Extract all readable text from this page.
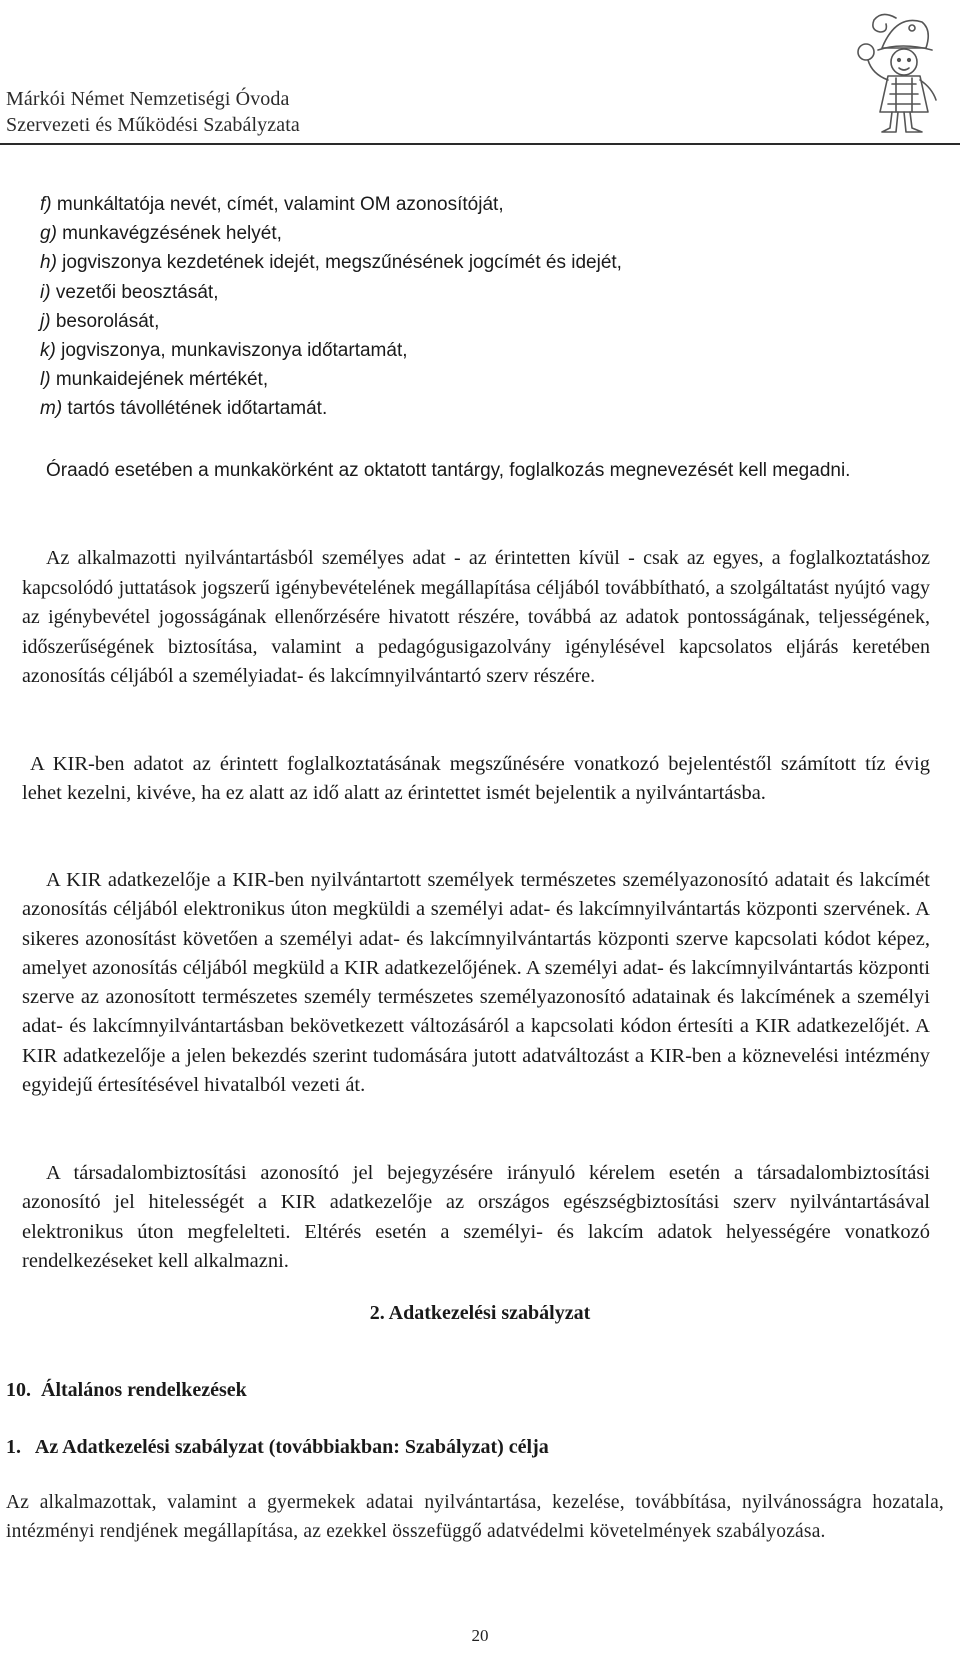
Márkói Német Nemzetiségi Óvoda
Szervezeti és Működési Szabályzata
f) munkáltatója nevét, címét, valamint OM azonosítóját,
g) munkavégzésének helyét,
h) jogviszonya kezdetének idejét, megszűnésének jogcímét és idejét,
i) vezetői beosztását,
j) besorolását,
k) jogviszonya, munkaviszonya időtartamát,
l) munkaidejének mértékét,
m) tartós távollétének időtartamát.

Óraadó esetében a munkakörként az oktatott tantárgy, foglalkozás megnevezését kell megadni.

Az alkalmazotti nyilvántartásból személyes adat - az érintetten kívül - csak az egyes, a foglalkoztatáshoz kapcsolódó juttatások jogszerű igénybevételének megállapítása céljából továbbítható, a szolgáltatást nyújtó vagy az igénybevétel jogosságának ellenőrzésére hivatott részére, továbbá az adatok pontosságának, teljességének, időszerűségének biztosítása, valamint a pedagógusigazolvány igénylésével kapcsolatos eljárás keretében azonosítás céljából a személyiadat- és lakcímnyilvántartó szerv részére.

A KIR-ben adatot az érintett foglalkoztatásának megszűnésére vonatkozó bejelentéstől számított tíz évig lehet kezelni, kivéve, ha ez alatt az idő alatt az érintettet ismét bejelentik a nyilvántartásba.

A KIR adatkezelője a KIR-ben nyilvántartott személyek természetes személyazonosító adatait és lakcímét azonosítás céljából elektronikus úton megküldi a személyi adat- és lakcímnyilvántartás központi szervének. A sikeres azonosítást követően a személyi adat- és lakcímnyilvántartás központi szerve kapcsolati kódot képez, amelyet azonosítás céljából megküld a KIR adatkezelőjének. A személyi adat- és lakcímnyilvántartás központi szerve az azonosított természetes személy természetes személyazonosító adatainak és lakcímének a személyi adat- és lakcímnyilvántartásban bekövetkezett változásáról a kapcsolati kódon értesíti a KIR adatkezelőjét. A KIR adatkezelője a jelen bekezdés szerint tudomására jutott adatváltozást a KIR-ben a köznevelési intézmény egyidejű értesítésével hivatalból vezeti át.

A társadalombiztosítási azonosító jel bejegyzésére irányuló kérelem esetén a társadalombiztosítási azonosító jel hitelességét a KIR adatkezelője az országos egészségbiztosítási szerv nyilvántartásával elektronikus úton megfelelteti. Eltérés esetén a személyi- és lakcím adatok helyességére vonatkozó rendelkezéseket kell alkalmazni.

2. Adatkezelési szabályzat
10.  Általános rendelkezések
1.   Az Adatkezelési szabályzat (továbbiakban: Szabályzat) célja

Az alkalmazottak, valamint a gyermekek adatai nyilvántartása, kezelése, továbbítása, nyilvánosságra hozatala, intézményi rendjének megállapítása, az ezekkel összefüggő adatvédelmi követelmények szabályozása.

20
